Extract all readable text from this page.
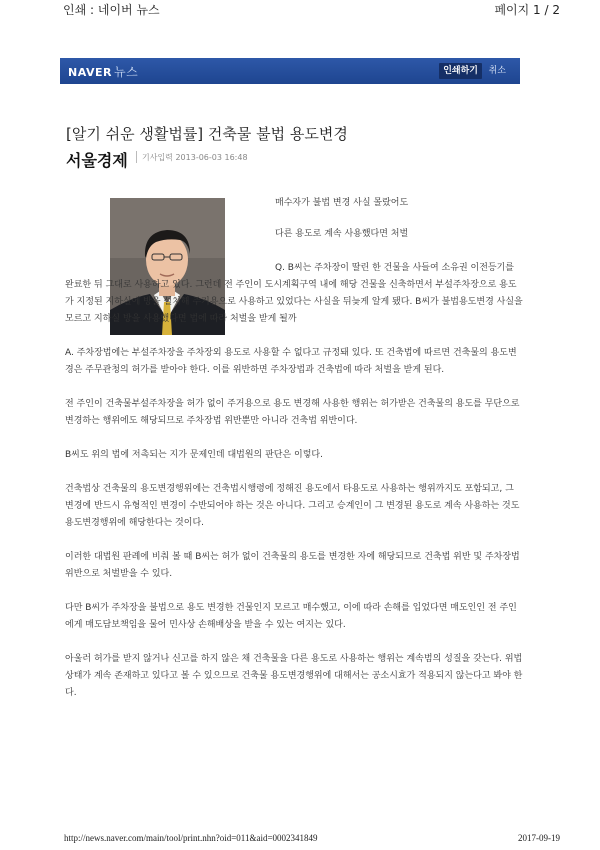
인쇄 : 네이버 뉴스	페이지 1 / 2
NAVER 뉴스	인쇄하기	취소
[알기 쉬운 생활법률] 건축물 불법 용도변경
서울경제 기사입력 2013-06-03 16:48

매수자가 불법 변경 사실 몰랐어도

다른 용도로 계속 사용했다면 처벌

Q. B씨는 주차장이 딸린 한 건물을 사들여 소유권 이전등기를 완료한 뒤 그대로 사용하고 있다. 그런데 전 주인이 도시계획구역 내에 해당 건물을 신축하면서 부설주차장으로 용도가 지정된 지하실에 방을 설치해 주거용으로 사용하고 있었다는 사실을 뒤늦게 알게 됐다. B씨가 불법용도변경 사실을 모르고 지하실 방을 사용했다면 법에 따라 처벌을 받게 될까

A. 주차장법에는 부설주차장을 주차장외 용도로 사용할 수 없다고 규정돼 있다. 또 건축법에 따르면 건축물의 용도변경은 주무관청의 허가를 받아야 한다. 이를 위반하면 주차장법과 건축법에 따라 처벌을 받게 된다.

전 주인이 건축물부설주차장을 허가 없이 주거용으로 용도 변경해 사용한 행위는 허가받은 건축물의 용도를 무단으로 변경하는 행위에도 해당되므로 주차장법 위반뿐만 아니라 건축법 위반이다.

B씨도 위의 법에 저촉되는 지가 문제인데 대법원의 판단은 이렇다.

건축법상 건축물의 용도변경행위에는 건축법시행령에 정해진 용도에서 타용도로 사용하는 행위까지도 포함되고, 그 변경에 반드시 유형적인 변경이 수반되어야 하는 것은 아니다. 그리고 승계인이 그 변경된 용도로 계속 사용하는 것도 용도변경행위에 해당한다는 것이다.

이러한 대법원 판례에 비춰 볼 때 B씨는 허가 없이 건축물의 용도를 변경한 자에 해당되므로 건축법 위반 및 주차장법 위반으로 처벌받을 수 있다.

다만 B씨가 주차장을 불법으로 용도 변경한 건물인지 모르고 매수했고, 이에 따라 손해를 입었다면 매도인인 전 주인에게 매도담보책임을 물어 민사상 손해배상을 받을 수 있는 여지는 있다.

아울러 허가를 받지 않거나 신고를 하지 않은 채 건축물을 다른 용도로 사용하는 행위는 계속범의 성질을 갖는다. 위법 상태가 계속 존재하고 있다고 볼 수 있으므로 건축물 용도변경행위에 대해서는 공소시효가 적용되지 않는다고 봐야 한다.

http://news.naver.com/main/tool/print.nhn?oid=011&aid=0002341849	2017-09-19
